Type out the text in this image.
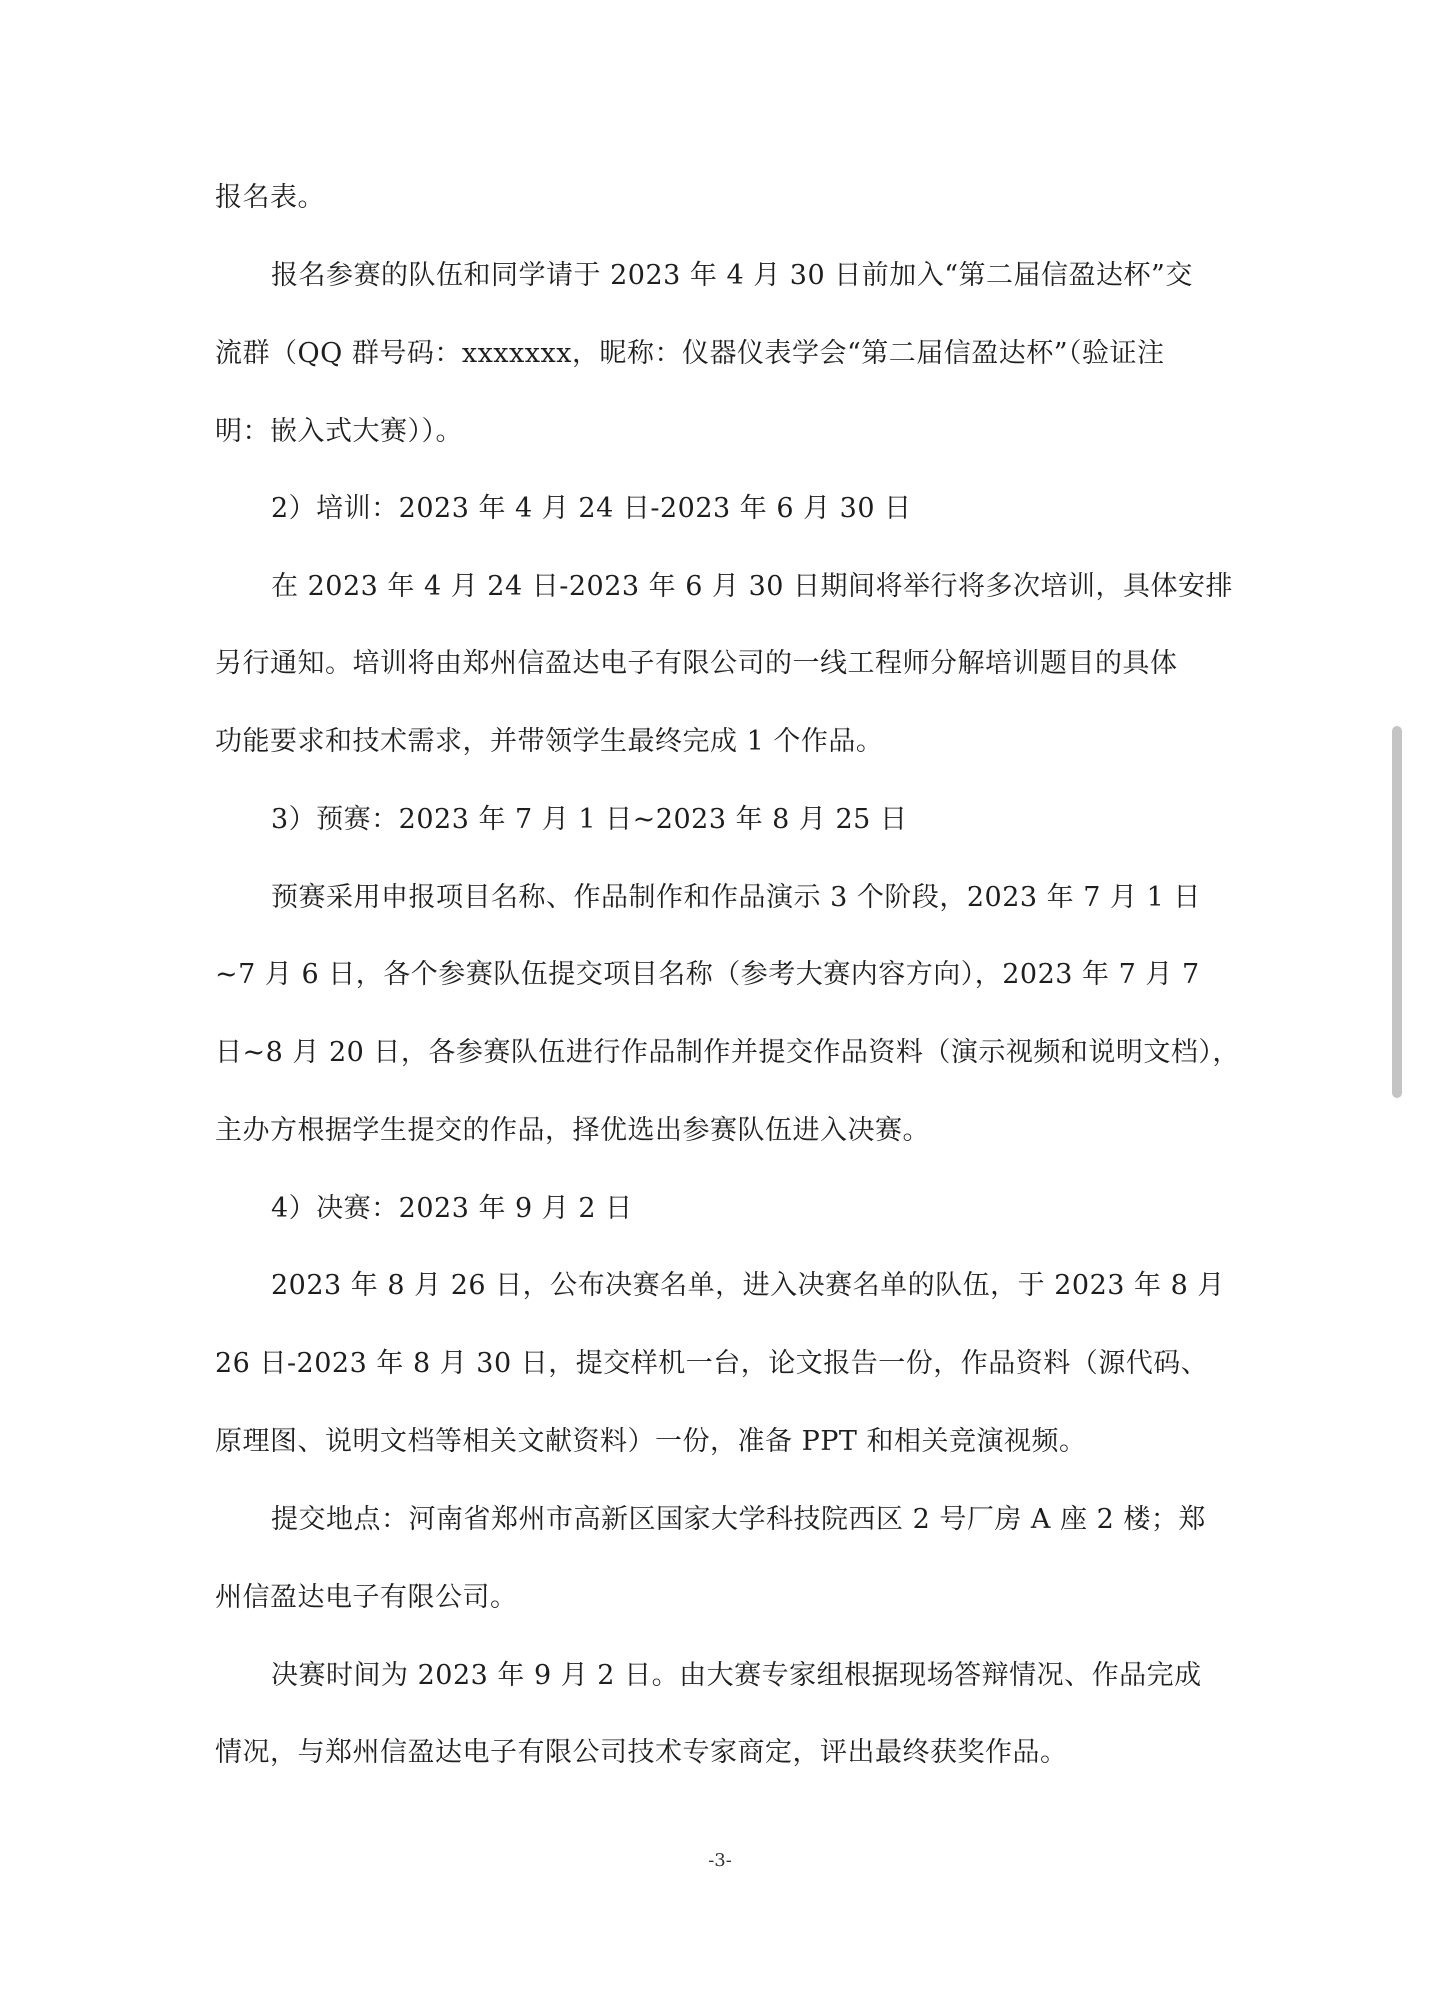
报名表。
报名参赛的队伍和同学请于 2023 年 4 月 30 日前加入“第二届信盈达杯”交
流群（QQ 群号码：xxxxxxx，昵称：仪器仪表学会“第二届信盈达杯”（验证注
明：嵌入式大赛））。
2）培训：2023 年 4 月 24 日-2023 年 6 月 30 日
在 2023 年 4 月 24 日-2023 年 6 月 30 日期间将举行将多次培训，具体安排
另行通知。培训将由郑州信盈达电子有限公司的一线工程师分解培训题目的具体
功能要求和技术需求，并带领学生最终完成 1 个作品。
3）预赛：2023 年 7 月 1 日~2023 年 8 月 25 日
预赛采用申报项目名称、作品制作和作品演示 3 个阶段，2023 年 7 月 1 日
~7 月 6 日，各个参赛队伍提交项目名称（参考大赛内容方向），2023 年 7 月 7
日~8 月 20 日，各参赛队伍进行作品制作并提交作品资料（演示视频和说明文档），
主办方根据学生提交的作品，择优选出参赛队伍进入决赛。
4）决赛：2023 年 9 月 2 日
2023 年 8 月 26 日，公布决赛名单，进入决赛名单的队伍，于 2023 年 8 月
26 日-2023 年 8 月 30 日，提交样机一台，论文报告一份，作品资料（源代码、
原理图、说明文档等相关文献资料）一份，准备 PPT 和相关竞演视频。
提交地点：河南省郑州市高新区国家大学科技院西区 2 号厂房 A 座 2 楼；郑
州信盈达电子有限公司。
决赛时间为 2023 年 9 月 2 日。由大赛专家组根据现场答辩情况、作品完成
情况，与郑州信盈达电子有限公司技术专家商定，评出最终获奖作品。
-3-
